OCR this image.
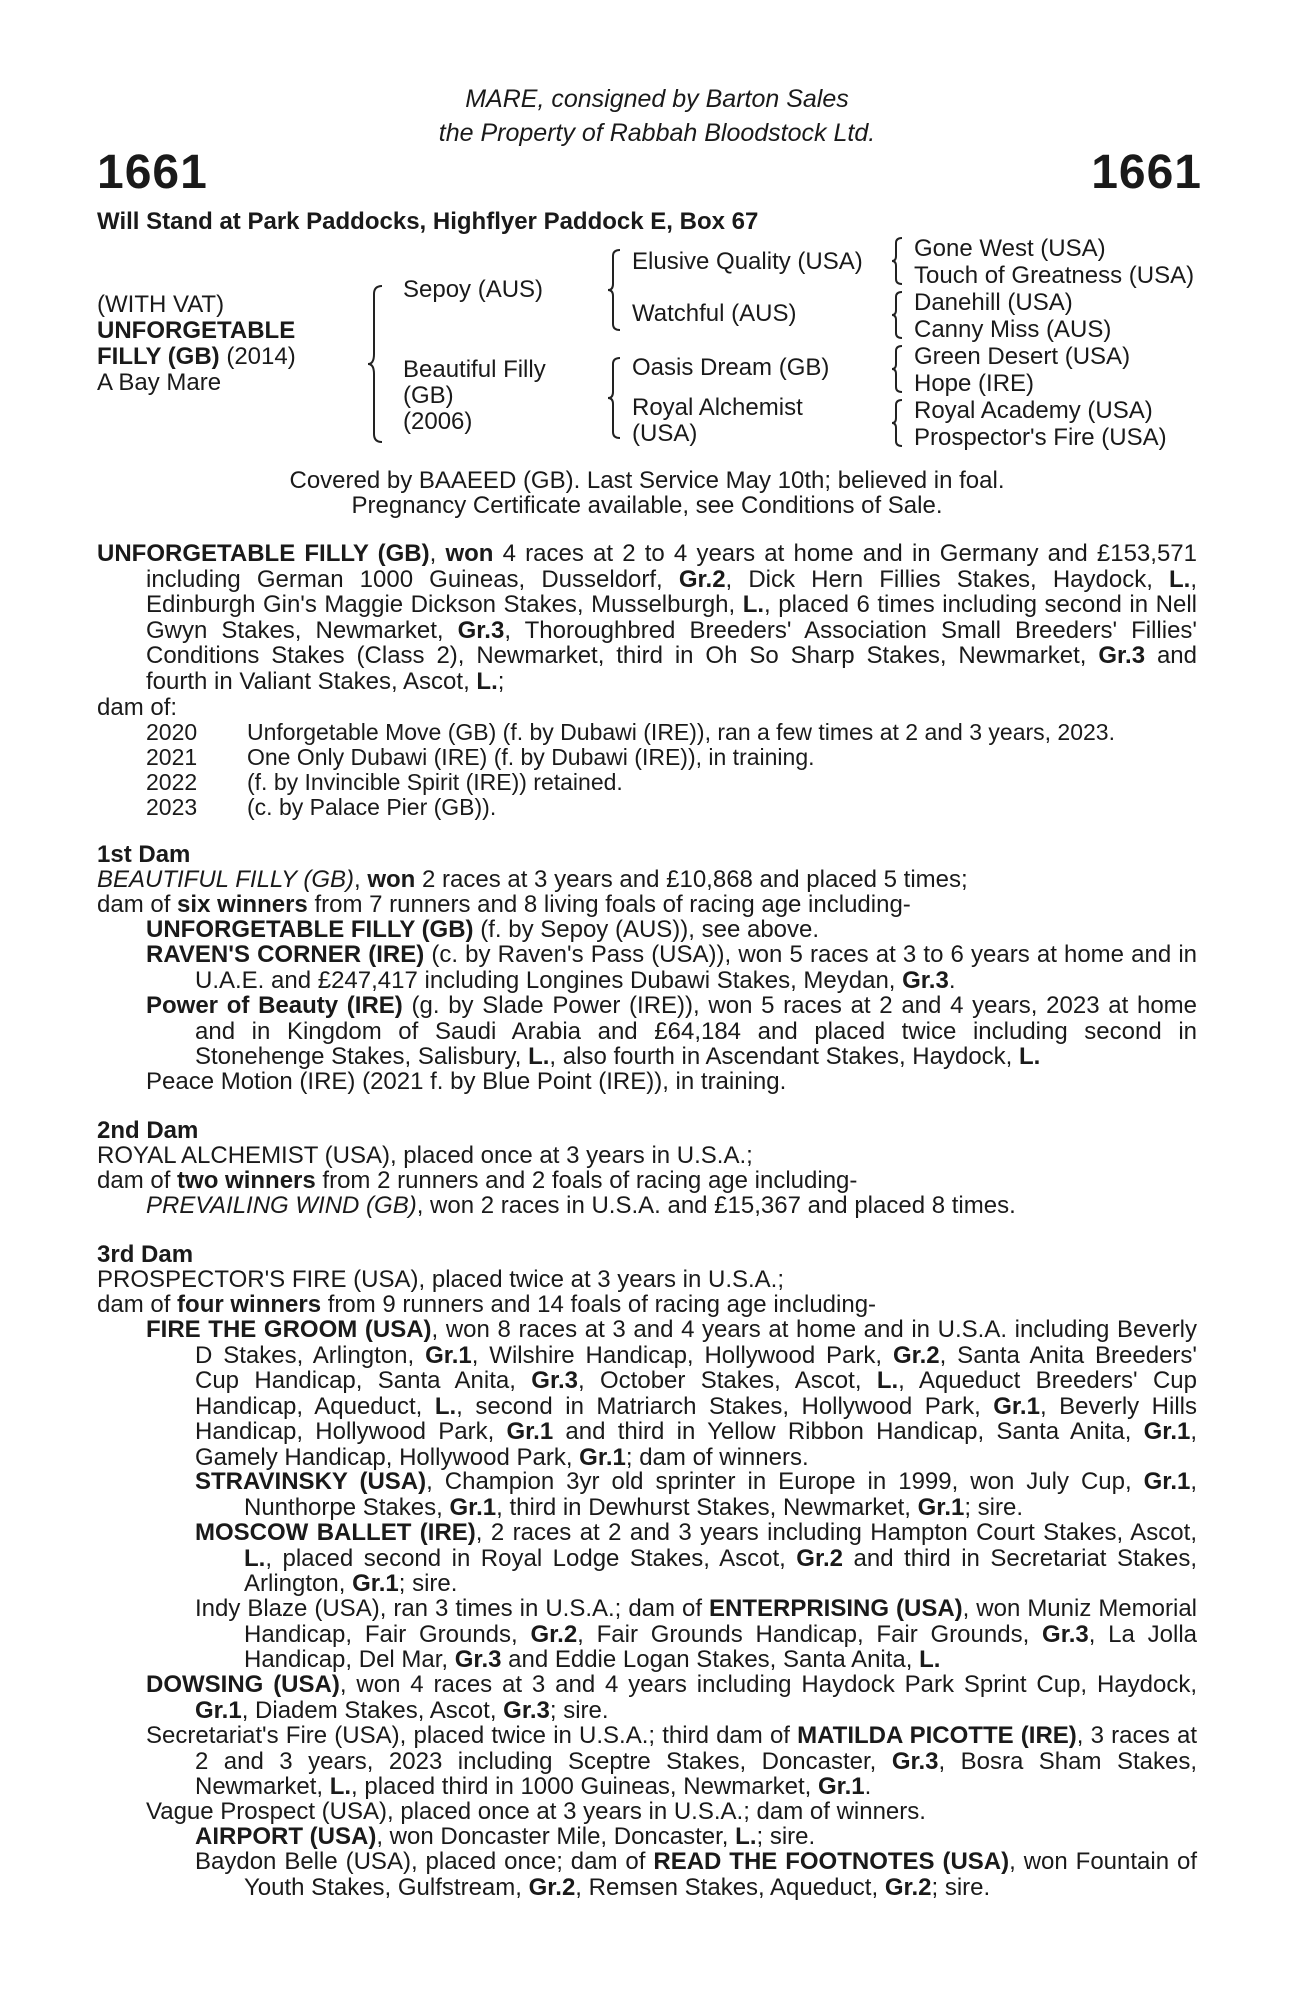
MARE, consigned by Barton Sales
the Property of Rabbah Bloodstock Ltd.
1661	1661
Will Stand at Park Paddocks, Highflyer Paddock E, Box 67
(WITH VAT)
UNFORGETABLE
FILLY (GB) (2014)
A Bay Mare
Sepoy (AUS)
Beautiful Filly
(GB)
(2006)
Elusive Quality (USA)
Watchful (AUS)
Oasis Dream (GB)
Royal Alchemist
(USA)
Gone West (USA)
Touch of Greatness (USA)
Danehill (USA)
Canny Miss (AUS)
Green Desert (USA)
Hope (IRE)
Royal Academy (USA)
Prospector's Fire (USA)
Covered by BAAEED (GB). Last Service May 10th; believed in foal.
Pregnancy Certificate available, see Conditions of Sale.
UNFORGETABLE FILLY (GB), won 4 races at 2 to 4 years at home and in Germany and £153,571 including German 1000 Guineas, Dusseldorf, Gr.2, Dick Hern Fillies Stakes, Haydock, L., Edinburgh Gin's Maggie Dickson Stakes, Musselburgh, L., placed 6 times including second in Nell Gwyn Stakes, Newmarket, Gr.3, Thoroughbred Breeders' Association Small Breeders' Fillies' Conditions Stakes (Class 2), Newmarket, third in Oh So Sharp Stakes, Newmarket, Gr.3 and fourth in Valiant Stakes, Ascot, L.;
dam of:
2020 Unforgetable Move (GB) (f. by Dubawi (IRE)), ran a few times at 2 and 3 years, 2023.
2021 One Only Dubawi (IRE) (f. by Dubawi (IRE)), in training.
2022 (f. by Invincible Spirit (IRE)) retained.
2023 (c. by Palace Pier (GB)).
1st Dam
BEAUTIFUL FILLY (GB), won 2 races at 3 years and £10,868 and placed 5 times;
dam of six winners from 7 runners and 8 living foals of racing age including-
UNFORGETABLE FILLY (GB) (f. by Sepoy (AUS)), see above.
RAVEN'S CORNER (IRE) (c. by Raven's Pass (USA)), won 5 races at 3 to 6 years at home and in U.A.E. and £247,417 including Longines Dubawi Stakes, Meydan, Gr.3.
Power of Beauty (IRE) (g. by Slade Power (IRE)), won 5 races at 2 and 4 years, 2023 at home and in Kingdom of Saudi Arabia and £64,184 and placed twice including second in Stonehenge Stakes, Salisbury, L., also fourth in Ascendant Stakes, Haydock, L.
Peace Motion (IRE) (2021 f. by Blue Point (IRE)), in training.
2nd Dam
ROYAL ALCHEMIST (USA), placed once at 3 years in U.S.A.;
dam of two winners from 2 runners and 2 foals of racing age including-
PREVAILING WIND (GB), won 2 races in U.S.A. and £15,367 and placed 8 times.
3rd Dam
PROSPECTOR'S FIRE (USA), placed twice at 3 years in U.S.A.;
dam of four winners from 9 runners and 14 foals of racing age including-
FIRE THE GROOM (USA), won 8 races at 3 and 4 years at home and in U.S.A. including Beverly D Stakes, Arlington, Gr.1, Wilshire Handicap, Hollywood Park, Gr.2, Santa Anita Breeders' Cup Handicap, Santa Anita, Gr.3, October Stakes, Ascot, L., Aqueduct Breeders' Cup Handicap, Aqueduct, L., second in Matriarch Stakes, Hollywood Park, Gr.1, Beverly Hills Handicap, Hollywood Park, Gr.1 and third in Yellow Ribbon Handicap, Santa Anita, Gr.1, Gamely Handicap, Hollywood Park, Gr.1; dam of winners.
STRAVINSKY (USA), Champion 3yr old sprinter in Europe in 1999, won July Cup, Gr.1, Nunthorpe Stakes, Gr.1, third in Dewhurst Stakes, Newmarket, Gr.1; sire.
MOSCOW BALLET (IRE), 2 races at 2 and 3 years including Hampton Court Stakes, Ascot, L., placed second in Royal Lodge Stakes, Ascot, Gr.2 and third in Secretariat Stakes, Arlington, Gr.1; sire.
Indy Blaze (USA), ran 3 times in U.S.A.; dam of ENTERPRISING (USA), won Muniz Memorial Handicap, Fair Grounds, Gr.2, Fair Grounds Handicap, Fair Grounds, Gr.3, La Jolla Handicap, Del Mar, Gr.3 and Eddie Logan Stakes, Santa Anita, L.
DOWSING (USA), won 4 races at 3 and 4 years including Haydock Park Sprint Cup, Haydock, Gr.1, Diadem Stakes, Ascot, Gr.3; sire.
Secretariat's Fire (USA), placed twice in U.S.A.; third dam of MATILDA PICOTTE (IRE), 3 races at 2 and 3 years, 2023 including Sceptre Stakes, Doncaster, Gr.3, Bosra Sham Stakes, Newmarket, L., placed third in 1000 Guineas, Newmarket, Gr.1.
Vague Prospect (USA), placed once at 3 years in U.S.A.; dam of winners.
AIRPORT (USA), won Doncaster Mile, Doncaster, L.; sire.
Baydon Belle (USA), placed once; dam of READ THE FOOTNOTES (USA), won Fountain of Youth Stakes, Gulfstream, Gr.2, Remsen Stakes, Aqueduct, Gr.2; sire.
